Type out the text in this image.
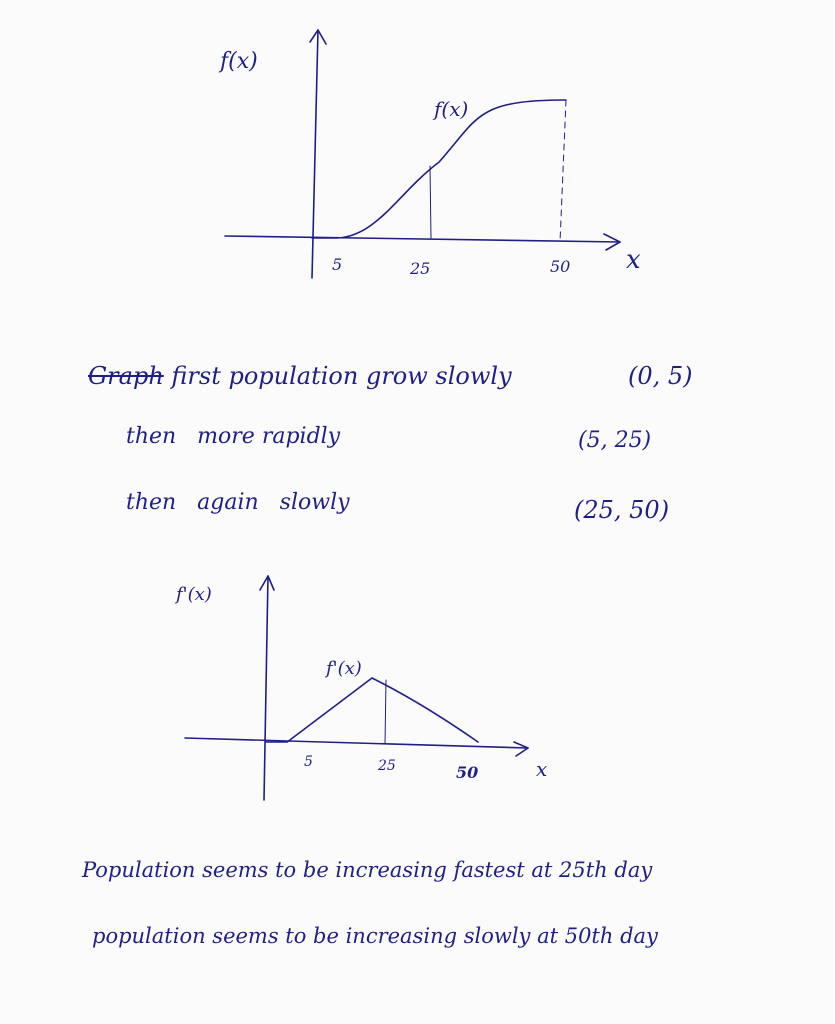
f(x)
f(x)
x
5	25	50
Graph first population grow slowly	(0, 5)
then   more rapidly	(5, 25)
then   again   slowly	(25, 50)
f'(x)
f'(x)
x
5	25	50
Population seems to be increasing fastest at 25th day
population seems to be increasing slowly at 50th day
